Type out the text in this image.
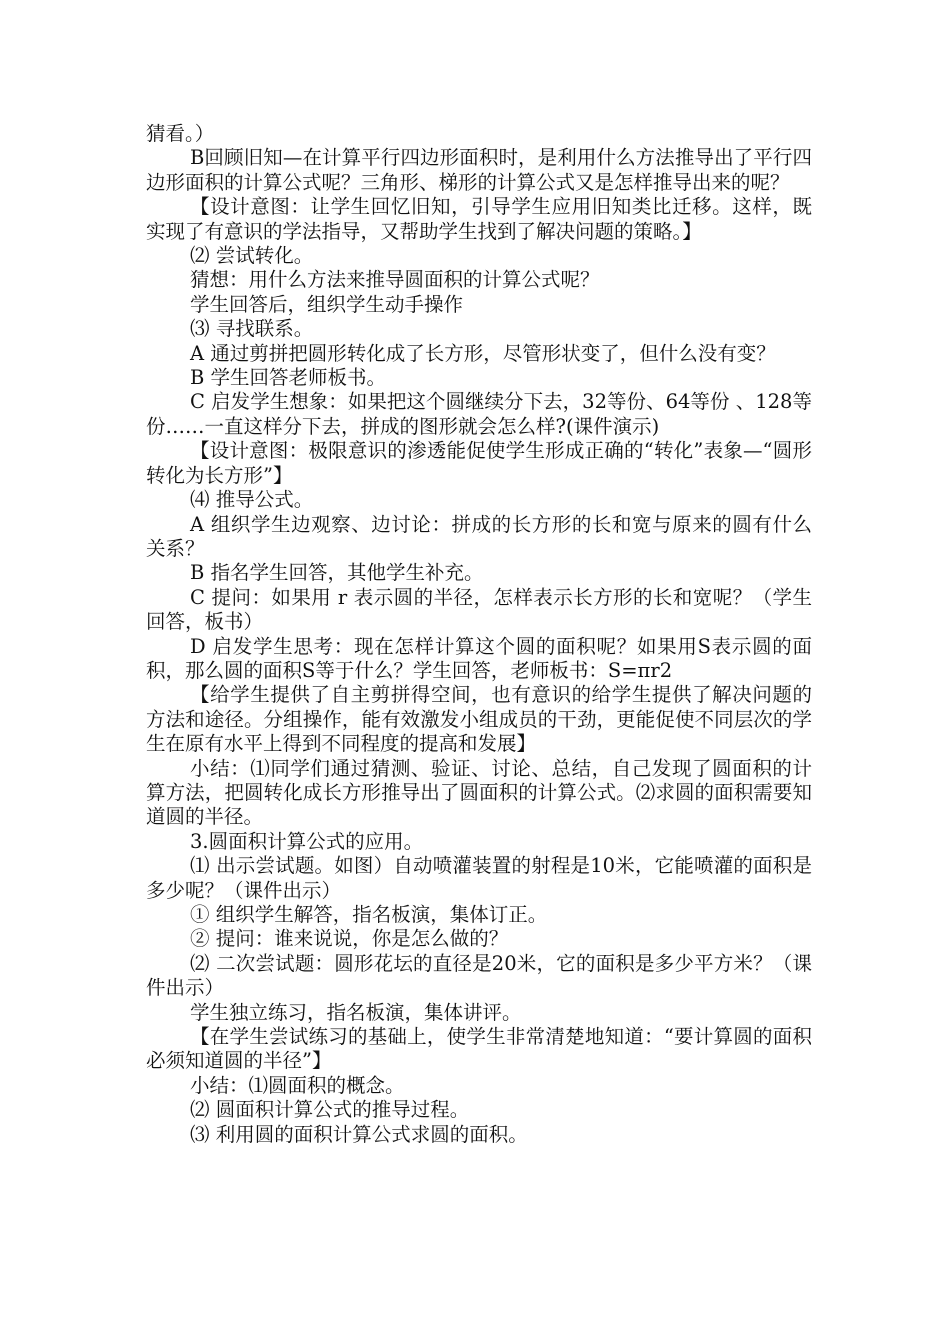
猜看。）

B回顾旧知—在计算平行四边形面积时，是利用什么方法推导出了平行四边形面积的计算公式呢？三角形、梯形的计算公式又是怎样推导出来的呢？

【设计意图：让学生回忆旧知，引导学生应用旧知类比迁移。这样，既实现了有意识的学法指导，又帮助学生找到了解决问题的策略。】

⑵ 尝试转化。

猜想：用什么方法来推导圆面积的计算公式呢？

学生回答后，组织学生动手操作

⑶ 寻找联系。

A 通过剪拼把圆形转化成了长方形，尽管形状变了，但什么没有变？

B 学生回答老师板书。

C 启发学生想象：如果把这个圆继续分下去，32等份、64等份 、128等份……一直这样分下去，拼成的图形就会怎么样?(课件演示)

【设计意图：极限意识的渗透能促使学生形成正确的“转化”表象—“圆形转化为长方形”】

⑷ 推导公式。

A 组织学生边观察、边讨论：拼成的长方形的长和宽与原来的圆有什么关系？

B 指名学生回答，其他学生补充。

C 提问：如果用 r 表示圆的半径，怎样表示长方形的长和宽呢？（学生回答，板书）

D 启发学生思考：现在怎样计算这个圆的面积呢？如果用S表示圆的面积，那么圆的面积S等于什么？学生回答，老师板书：S=πr2

【给学生提供了自主剪拼得空间，也有意识的给学生提供了解决问题的方法和途径。分组操作，能有效激发小组成员的干劲，更能促使不同层次的学生在原有水平上得到不同程度的提高和发展】

小结：⑴同学们通过猜测、验证、讨论、总结，自己发现了圆面积的计算方法，把圆转化成长方形推导出了圆面积的计算公式。⑵求圆的面积需要知道圆的半径。

3.圆面积计算公式的应用。

⑴ 出示尝试题。如图）自动喷灌装置的射程是10米，它能喷灌的面积是多少呢？（课件出示）

① 组织学生解答，指名板演，集体订正。

② 提问：谁来说说，你是怎么做的？

⑵ 二次尝试题：圆形花坛的直径是20米，它的面积是多少平方米？（课件出示）

学生独立练习，指名板演，集体讲评。

【在学生尝试练习的基础上，使学生非常清楚地知道：“要计算圆的面积必须知道圆的半径”】

小结：⑴圆面积的概念。

⑵ 圆面积计算公式的推导过程。

⑶ 利用圆的面积计算公式求圆的面积。
